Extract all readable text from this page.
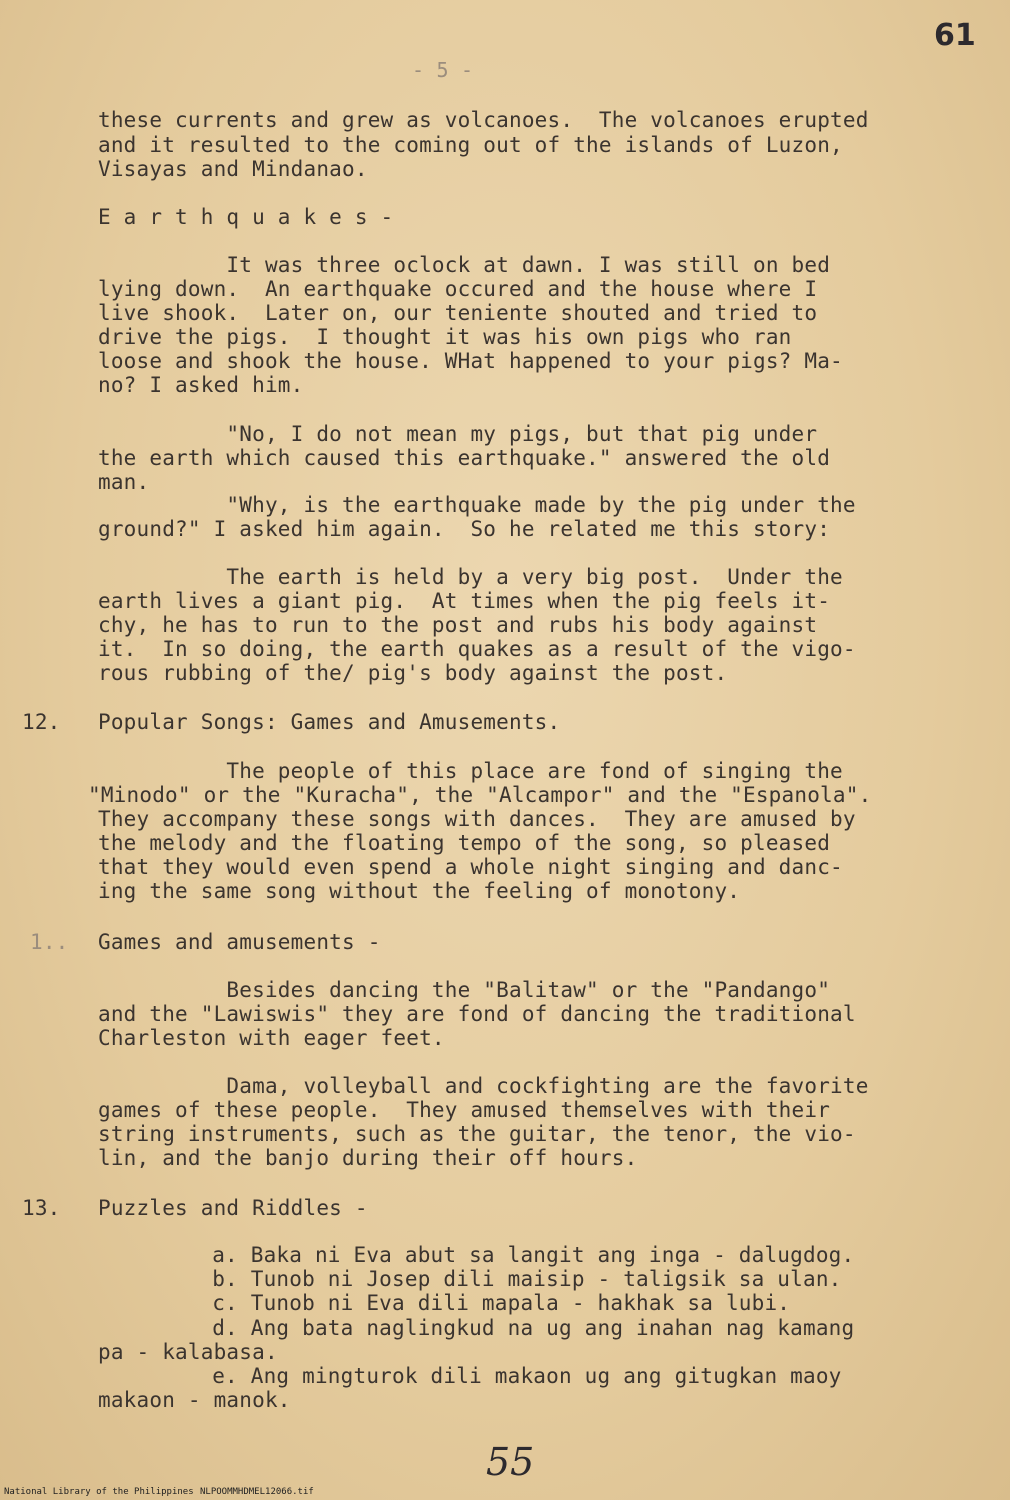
61
- 5 -
these currents and grew as volcanoes.  The volcanoes erupted
and it resulted to the coming out of the islands of Luzon,
Visayas and Mindanao.
E a r t h q u a k e s -
It was three oclock at dawn. I was still on bed
lying down.  An earthquake occured and the house where I
live shook.  Later on, our teniente shouted and tried to
drive the pigs.  I thought it was his own pigs who ran
loose and shook the house. WHat happened to your pigs? Ma-
no? I asked him.
"No, I do not mean my pigs, but that pig under
the earth which caused this earthquake." answered the old
man.
"Why, is the earthquake made by the pig under the
ground?" I asked him again.  So he related me this story:
The earth is held by a very big post.  Under the
earth lives a giant pig.  At times when the pig feels it-
chy, he has to run to the post and rubs his body against
it.  In so doing, the earth quakes as a result of the vigo-
rous rubbing of the/ pig's body against the post.
12. Popular Songs: Games and Amusements.
The people of this place are fond of singing the
"Minodo" or the "Kuracha", the "Alcampor" and the "Espanola".
They accompany these songs with dances.  They are amused by
the melody and the floating tempo of the song, so pleased
that they would even spend a whole night singing and danc-
ing the same song without the feeling of monotony.
1.. Games and amusements -
Besides dancing the "Balitaw" or the "Pandango"
and the "Lawiswis" they are fond of dancing the traditional
Charleston with eager feet.
Dama, volleyball and cockfighting are the favorite
games of these people.  They amused themselves with their
string instruments, such as the guitar, the tenor, the vio-
lin, and the banjo during their off hours.
13. Puzzles and Riddles -
a. Baka ni Eva abut sa langit ang inga - dalugdog.
b. Tunob ni Josep dili maisip - taligsik sa ulan.
c. Tunob ni Eva dili mapala - hakhak sa lubi.
d. Ang bata naglingkud na ug ang inahan nag kamang
pa - kalabasa.
e. Ang mingturok dili makaon ug ang gitugkan maoy
makaon - manok.
55
National Library of the Philippines NLPOOMMHDMEL12066.tif
